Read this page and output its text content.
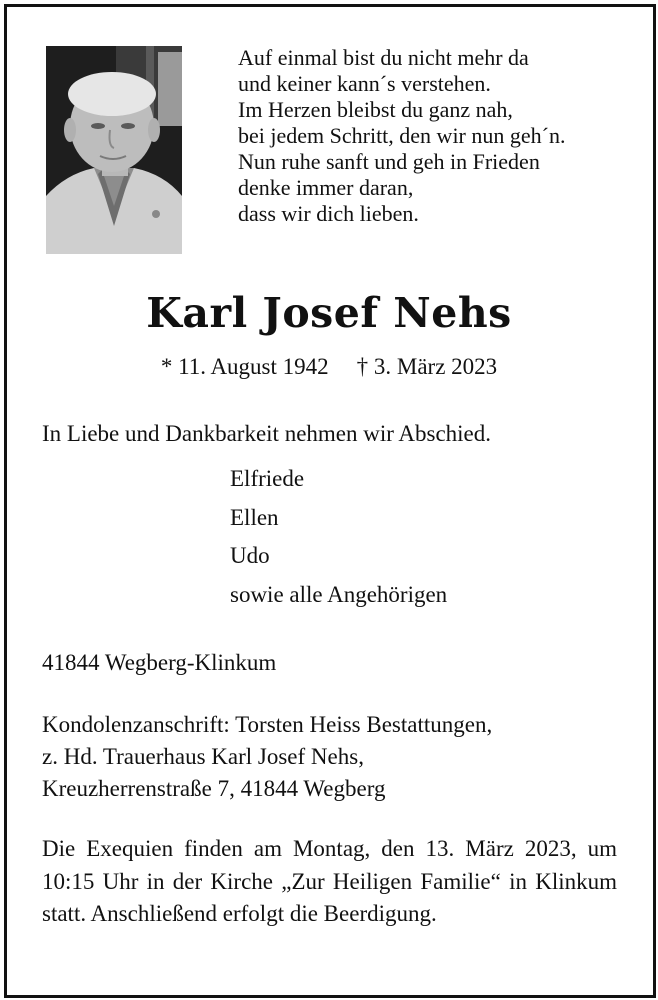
Auf einmal bist du nicht mehr da
und keiner kann´s verstehen.
Im Herzen bleibst du ganz nah,
bei jedem Schritt, den wir nun geh´n.
Nun ruhe sanft und geh in Frieden
denke immer daran,
dass wir dich lieben.
Karl Josef Nehs
* 11. August 1942 † 3. März 2023
In Liebe und Dankbarkeit nehmen wir Abschied.
Elfriede
Ellen
Udo
sowie alle Angehörigen
41844 Wegberg-Klinkum
Kondolenzanschrift: Torsten Heiss Bestattungen,
z. Hd. Trauerhaus Karl Josef Nehs,
Kreuzherrenstraße 7, 41844 Wegberg
Die Exequien finden am Montag, den 13. März 2023, um 10:15 Uhr in der Kirche „Zur Heiligen Familie“ in Klinkum statt. Anschließend erfolgt die Beerdigung.
